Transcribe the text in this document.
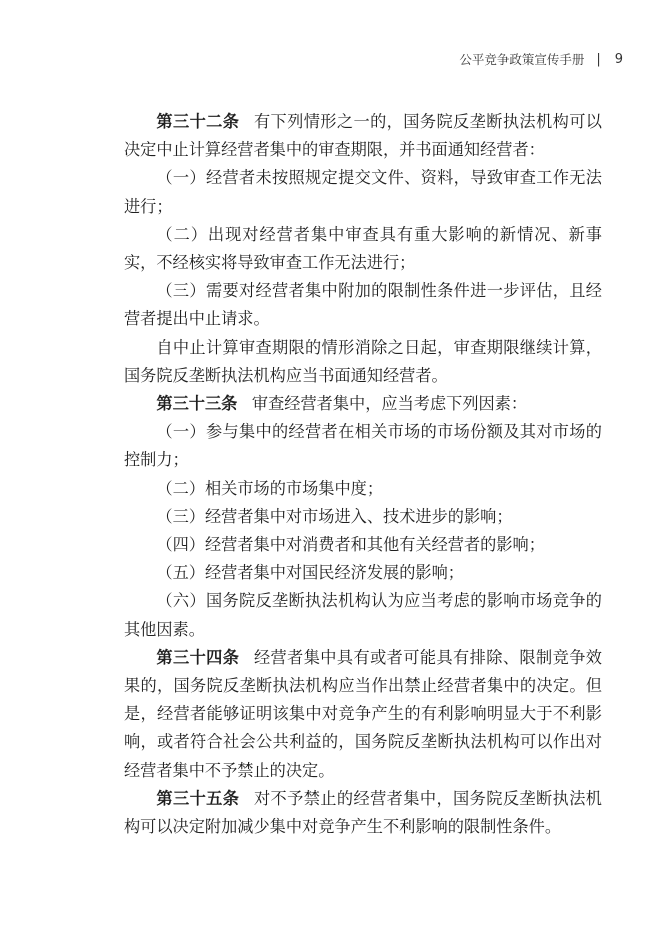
公平竞争政策宣传手册 | 9

第三十二条 有下列情形之一的，国务院反垄断执法机构可以决定中止计算经营者集中的审查期限，并书面通知经营者：

（一）经营者未按照规定提交文件、资料，导致审查工作无法进行；

（二）出现对经营者集中审查具有重大影响的新情况、新事实，不经核实将导致审查工作无法进行；

（三）需要对经营者集中附加的限制性条件进一步评估，且经营者提出中止请求。

自中止计算审查期限的情形消除之日起，审查期限继续计算，国务院反垄断执法机构应当书面通知经营者。

第三十三条 审查经营者集中，应当考虑下列因素：

（一）参与集中的经营者在相关市场的市场份额及其对市场的控制力；

（二）相关市场的市场集中度；

（三）经营者集中对市场进入、技术进步的影响；

（四）经营者集中对消费者和其他有关经营者的影响；

（五）经营者集中对国民经济发展的影响；

（六）国务院反垄断执法机构认为应当考虑的影响市场竞争的其他因素。

第三十四条 经营者集中具有或者可能具有排除、限制竞争效果的，国务院反垄断执法机构应当作出禁止经营者集中的决定。但是，经营者能够证明该集中对竞争产生的有利影响明显大于不利影响，或者符合社会公共利益的，国务院反垄断执法机构可以作出对经营者集中不予禁止的决定。

第三十五条 对不予禁止的经营者集中，国务院反垄断执法机构可以决定附加减少集中对竞争产生不利影响的限制性条件。
